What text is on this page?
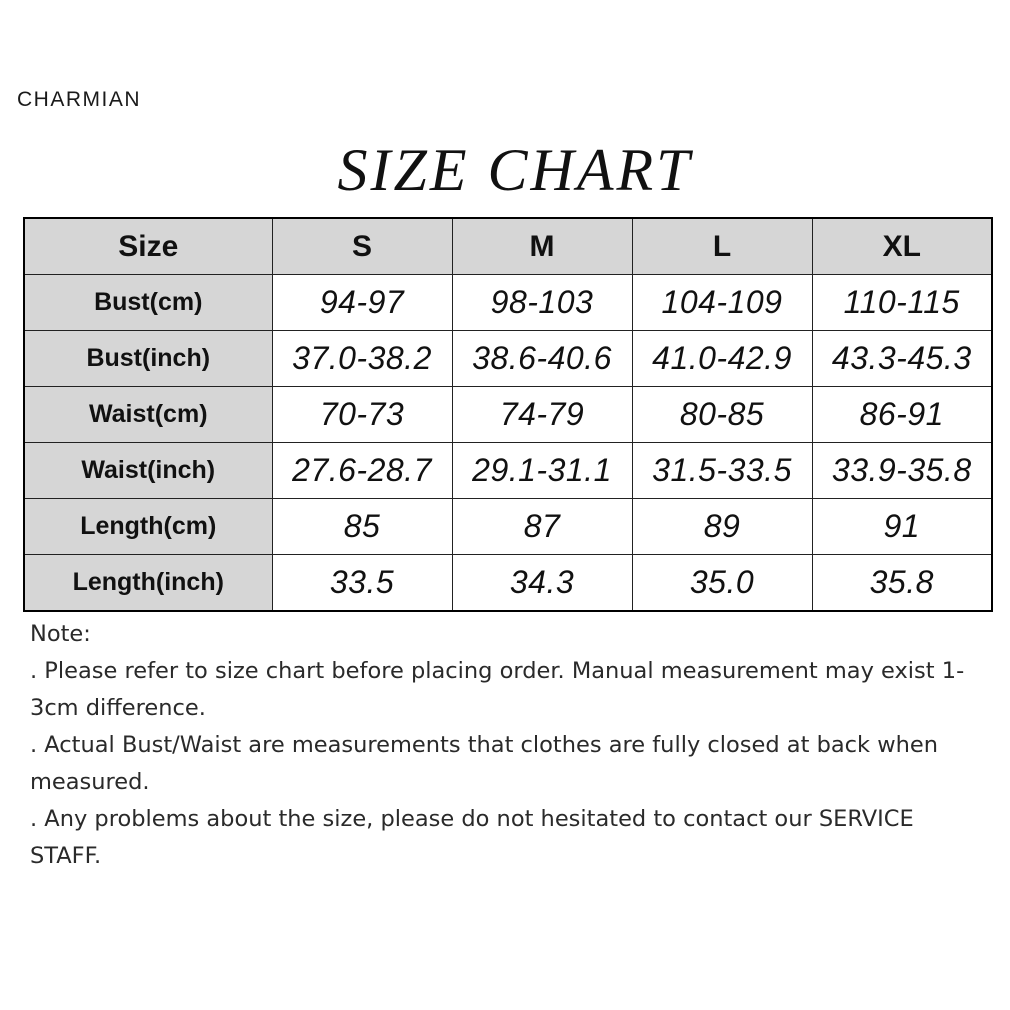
CHARMIAN
SIZE CHART
Size	S	M	L	XL
Bust(cm)	94-97	98-103	104-109	110-115
Bust(inch)	37.0-38.2	38.6-40.6	41.0-42.9	43.3-45.3
Waist(cm)	70-73	74-79	80-85	86-91
Waist(inch)	27.6-28.7	29.1-31.1	31.5-33.5	33.9-35.8
Length(cm)	85	87	89	91
Length(inch)	33.5	34.3	35.0	35.8

Note:

. Please refer to size chart before placing order. Manual measurement may exist 1-3cm difference.

. Actual Bust/Waist are measurements that clothes are fully closed at back when measured.

. Any problems about the size, please do not hesitated to contact our SERVICE STAFF.
